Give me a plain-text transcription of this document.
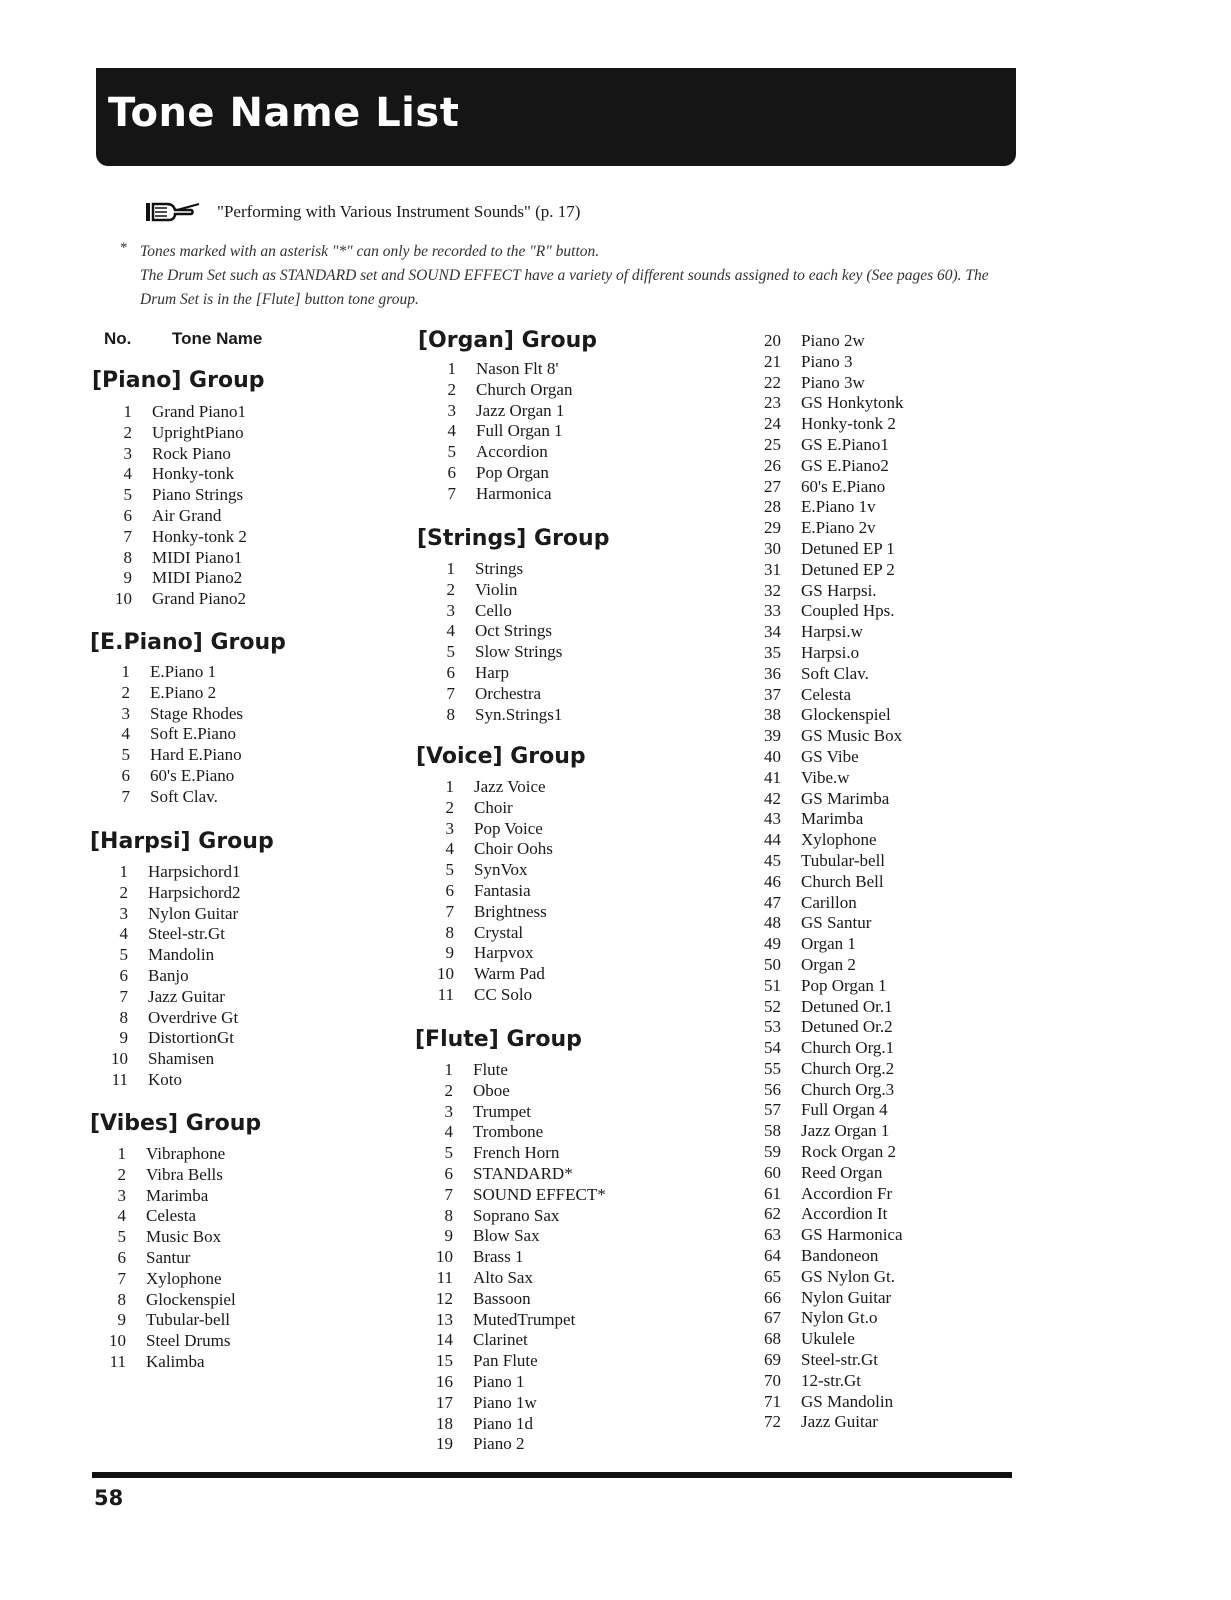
Tone Name List
"Performing with Various Instrument Sounds" (p. 17)
* Tones marked with an asterisk "*" can only be recorded to the "R" button.
The Drum Set such as STANDARD set and SOUND EFFECT have a variety of different sounds assigned to each key (See pages 60). The Drum Set is in the [Flute] button tone group.
No. Tone Name
[Piano] Group
1 Grand Piano1
2 UprightPiano
3 Rock Piano
4 Honky-tonk
5 Piano Strings
6 Air Grand
7 Honky-tonk 2
8 MIDI Piano1
9 MIDI Piano2
10 Grand Piano2
[E.Piano] Group
1 E.Piano 1
2 E.Piano 2
3 Stage Rhodes
4 Soft E.Piano
5 Hard E.Piano
6 60's E.Piano
7 Soft Clav.
[Harpsi] Group
1 Harpsichord1
2 Harpsichord2
3 Nylon Guitar
4 Steel-str.Gt
5 Mandolin
6 Banjo
7 Jazz Guitar
8 Overdrive Gt
9 DistortionGt
10 Shamisen
11 Koto
[Vibes] Group
1 Vibraphone
2 Vibra Bells
3 Marimba
4 Celesta
5 Music Box
6 Santur
7 Xylophone
8 Glockenspiel
9 Tubular-bell
10 Steel Drums
11 Kalimba
[Organ] Group
1 Nason Flt 8'
2 Church Organ
3 Jazz Organ 1
4 Full Organ 1
5 Accordion
6 Pop Organ
7 Harmonica
[Strings] Group
1 Strings
2 Violin
3 Cello
4 Oct Strings
5 Slow Strings
6 Harp
7 Orchestra
8 Syn.Strings1
[Voice] Group
1 Jazz Voice
2 Choir
3 Pop Voice
4 Choir Oohs
5 SynVox
6 Fantasia
7 Brightness
8 Crystal
9 Harpvox
10 Warm Pad
11 CC Solo
[Flute] Group
1 Flute
2 Oboe
3 Trumpet
4 Trombone
5 French Horn
6 STANDARD*
7 SOUND EFFECT*
8 Soprano Sax
9 Blow Sax
10 Brass 1
11 Alto Sax
12 Bassoon
13 MutedTrumpet
14 Clarinet
15 Pan Flute
16 Piano 1
17 Piano 1w
18 Piano 1d
19 Piano 2
20 Piano 2w
21 Piano 3
22 Piano 3w
23 GS Honkytonk
24 Honky-tonk 2
25 GS E.Piano1
26 GS E.Piano2
27 60's E.Piano
28 E.Piano 1v
29 E.Piano 2v
30 Detuned EP 1
31 Detuned EP 2
32 GS Harpsi.
33 Coupled Hps.
34 Harpsi.w
35 Harpsi.o
36 Soft Clav.
37 Celesta
38 Glockenspiel
39 GS Music Box
40 GS Vibe
41 Vibe.w
42 GS Marimba
43 Marimba
44 Xylophone
45 Tubular-bell
46 Church Bell
47 Carillon
48 GS Santur
49 Organ 1
50 Organ 2
51 Pop Organ 1
52 Detuned Or.1
53 Detuned Or.2
54 Church Org.1
55 Church Org.2
56 Church Org.3
57 Full Organ 4
58 Jazz Organ 1
59 Rock Organ 2
60 Reed Organ
61 Accordion Fr
62 Accordion It
63 GS Harmonica
64 Bandoneon
65 GS Nylon Gt.
66 Nylon Guitar
67 Nylon Gt.o
68 Ukulele
69 Steel-str.Gt
70 12-str.Gt
71 GS Mandolin
72 Jazz Guitar
58
